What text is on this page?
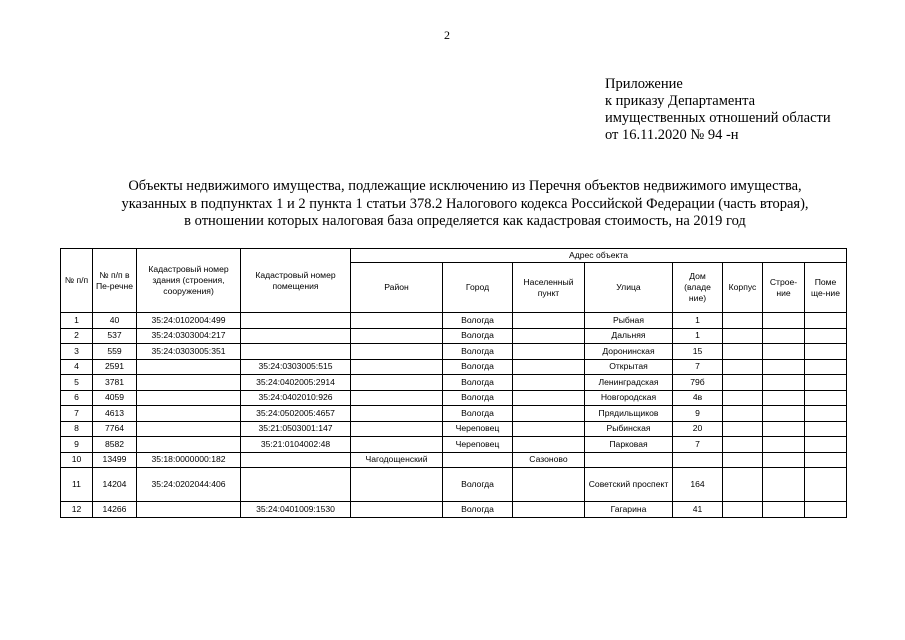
2
Приложение
к приказу Департамента
имущественных отношений области
от 16.11.2020 № 94 -н
Объекты недвижимого имущества, подлежащие исключению из Перечня объектов недвижимого имущества,
указанных в подпунктах 1 и 2 пункта 1 статьи 378.2 Налогового кодекса Российской Федерации (часть вторая),
в отношении которых налоговая база определяется как кадастровая стоимость, на 2019 год
№ п/п	№ п/п в Пе-речне	Кадастровый номер здания (строения, сооружения)	Кадастровый номер помещения	Адрес объекта							
				Район	Город	Населенный пункт	Улица	Дом (владе ние)	Корпус	Строе-ние	Поме ще-ние
1	40	35:24:0102004:499			Вологда		Рыбная	1			
2	537	35:24:0303004:217			Вологда		Дальняя	1			
3	559	35:24:0303005:351			Вологда		Доронинская	15			
4	2591		35:24:0303005:515		Вологда		Открытая	7			
5	3781		35:24:0402005:2914		Вологда		Ленинградская	79б			
6	4059		35:24:0402010:926		Вологда		Новгородская	4в			
7	4613		35:24:0502005:4657		Вологда		Прядильщиков	9			
8	7764		35:21:0503001:147		Череповец		Рыбинская	20			
9	8582		35:21:0104002:48		Череповец		Парковая	7			
10	13499	35:18:0000000:182		Чагодощенский		Сазоново					
11	14204	35:24:0202044:406			Вологда		Советский проспект	164			
12	14266		35:24:0401009:1530		Вологда		Гагарина	41			
